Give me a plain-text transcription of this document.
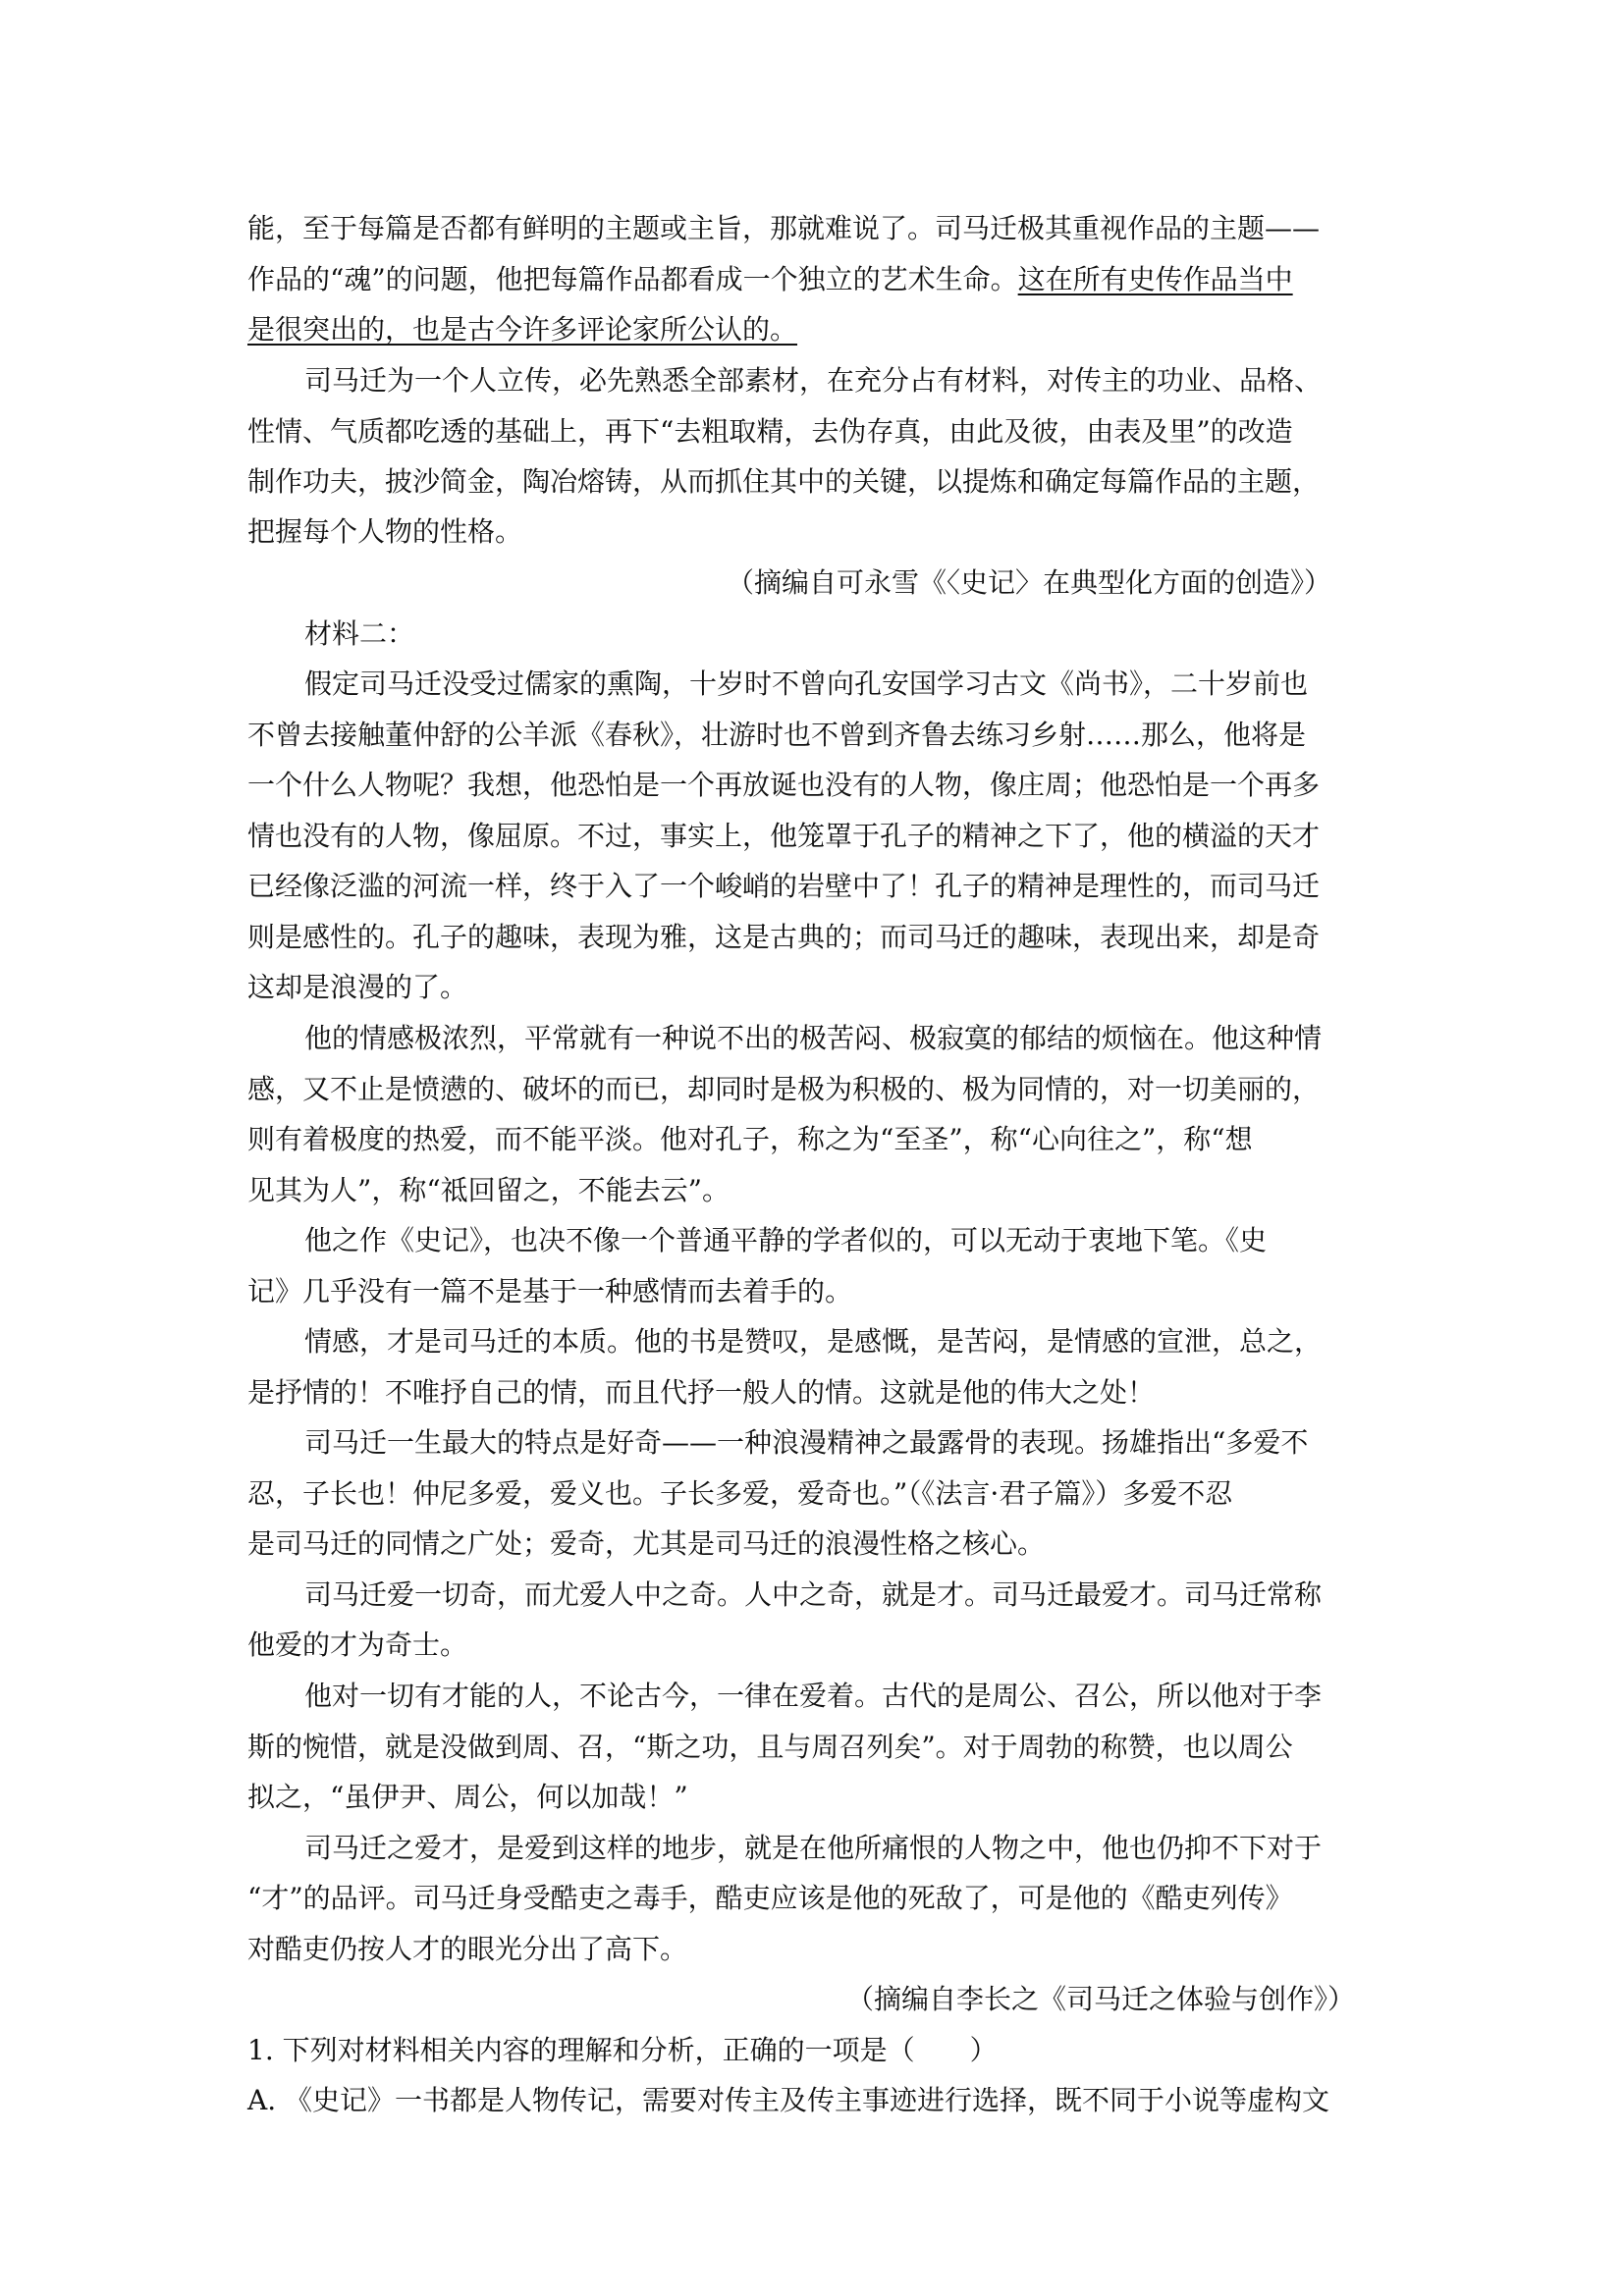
能，至于每篇是否都有鲜明的主题或主旨，那就难说了。司马迁极其重视作品的主题——
作品的“魂”的问题，他把每篇作品都看成一个独立的艺术生命。这在所有史传作品当中
是很突出的，也是古今许多评论家所公认的。
司马迁为一个人立传，必先熟悉全部素材，在充分占有材料，对传主的功业、品格、
性情、气质都吃透的基础上，再下“去粗取精，去伪存真，由此及彼，由表及里”的改造
制作功夫，披沙简金，陶冶熔铸，从而抓住其中的关键，以提炼和确定每篇作品的主题，
把握每个人物的性格。
（摘编自可永雪《〈史记〉在典型化方面的创造》）
材料二：
假定司马迁没受过儒家的熏陶，十岁时不曾向孔安国学习古文《尚书》，二十岁前也
不曾去接触董仲舒的公羊派《春秋》，壮游时也不曾到齐鲁去练习乡射……那么，他将是
一个什么人物呢？我想，他恐怕是一个再放诞也没有的人物，像庄周；他恐怕是一个再多
情也没有的人物，像屈原。不过，事实上，他笼罩于孔子的精神之下了，他的横溢的天才
已经像泛滥的河流一样，终于入了一个峻峭的岩壁中了！孔子的精神是理性的，而司马迁
则是感性的。孔子的趣味，表现为雅，这是古典的；而司马迁的趣味，表现出来，却是奇
这却是浪漫的了。
他的情感极浓烈，平常就有一种说不出的极苦闷、极寂寞的郁结的烦恼在。他这种情
感，又不止是愤懑的、破坏的而已，却同时是极为积极的、极为同情的，对一切美丽的，
则有着极度的热爱，而不能平淡。他对孔子，称之为“至圣”，称“心向往之”，称“想
见其为人”，称“祗回留之，不能去云”。
他之作《史记》，也决不像一个普通平静的学者似的，可以无动于衷地下笔。《史
记》几乎没有一篇不是基于一种感情而去着手的。
情感，才是司马迁的本质。他的书是赞叹，是感慨，是苦闷，是情感的宣泄，总之，
是抒情的！不唯抒自己的情，而且代抒一般人的情。这就是他的伟大之处！
司马迁一生最大的特点是好奇——一种浪漫精神之最露骨的表现。扬雄指出“多爱不
忍，子长也！仲尼多爱，爱义也。子长多爱，爱奇也。”（《法言·君子篇》）多爱不忍
是司马迁的同情之广处；爱奇，尤其是司马迁的浪漫性格之核心。
司马迁爱一切奇，而尤爱人中之奇。人中之奇，就是才。司马迁最爱才。司马迁常称
他爱的才为奇士。
他对一切有才能的人，不论古今，一律在爱着。古代的是周公、召公，所以他对于李
斯的惋惜，就是没做到周、召，“斯之功，且与周召列矣”。对于周勃的称赞，也以周公
拟之，“虽伊尹、周公，何以加哉！”
司马迁之爱才，是爱到这样的地步，就是在他所痛恨的人物之中，他也仍抑不下对于
“才”的品评。司马迁身受酷吏之毒手，酷吏应该是他的死敌了，可是他的《酷吏列传》
对酷吏仍按人才的眼光分出了高下。
（摘编自李长之《司马迁之体验与创作》）
1. 下列对材料相关内容的理解和分析，正确的一项是（　　）
A. 《史记》一书都是人物传记，需要对传主及传主事迹进行选择，既不同于小说等虚构文
